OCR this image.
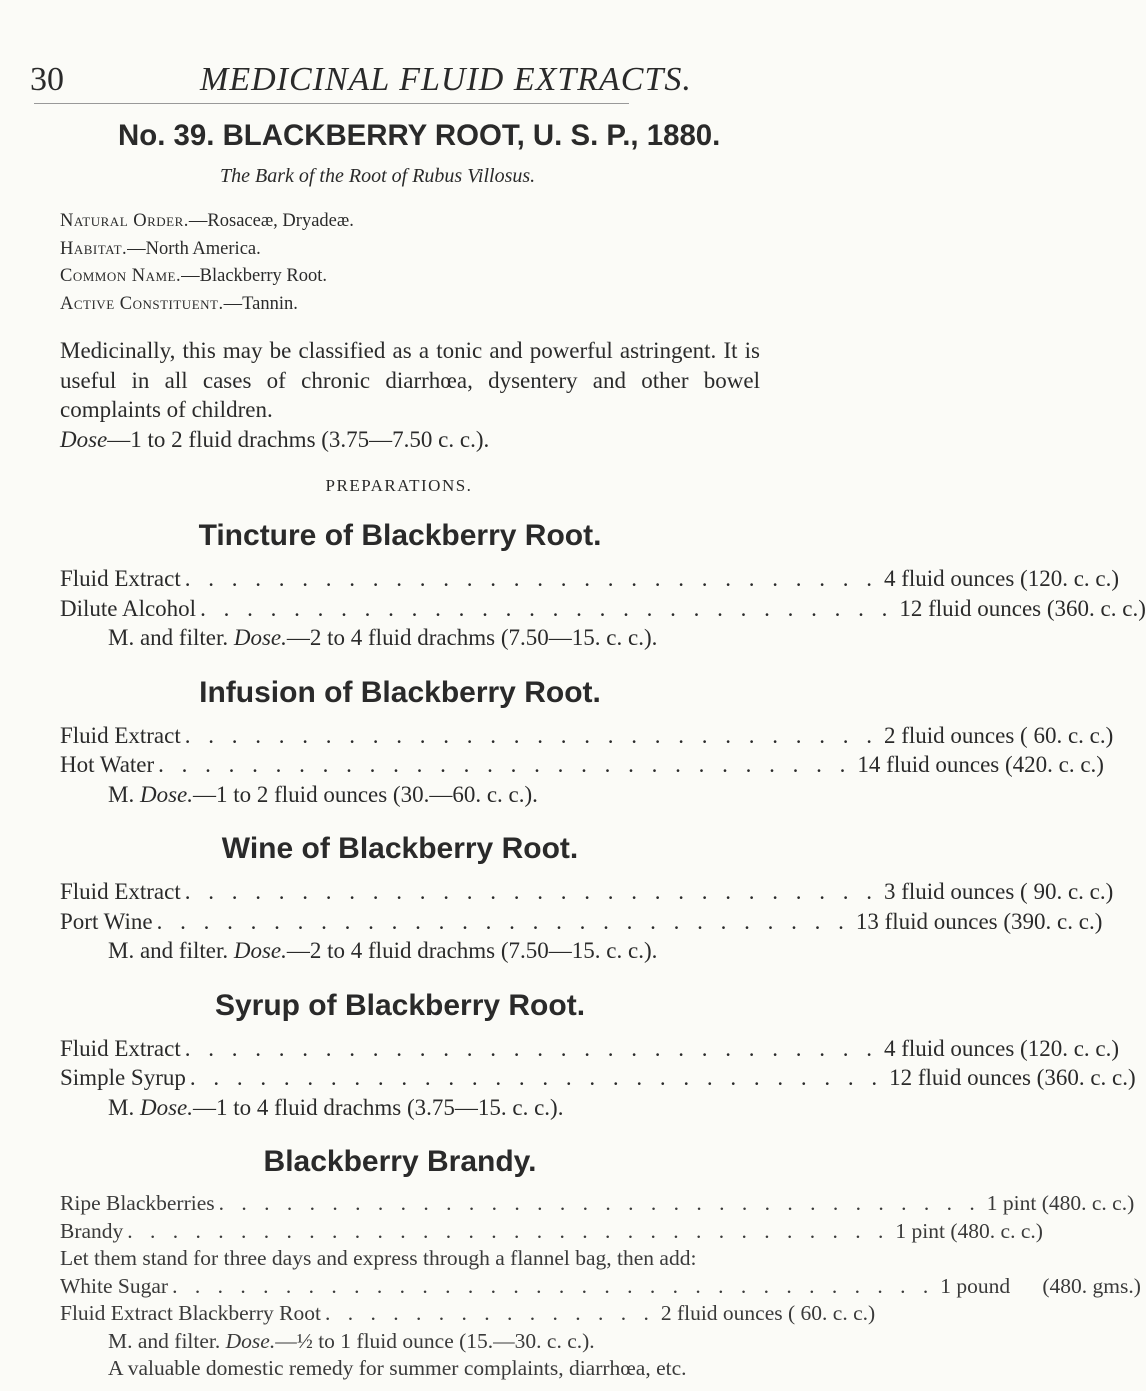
30	MEDICINAL FLUID EXTRACTS.
No. 39. BLACKBERRY ROOT, U. S. P., 1880.
The Bark of the Root of Rubus Villosus.
Natural Order.—Rosaceæ, Dryadeæ.
Habitat.—North America.
Common Name.—Blackberry Root.
Active Constituent.—Tannin.

Medicinally, this may be classified as a tonic and powerful astringent. It is useful in all cases of chronic diarrhœa, dysentery and other bowel complaints of children.

Dose—1 to 2 fluid drachms (3.75—7.50 c. c.).
PREPARATIONS.
Tincture of Blackberry Root.
Fluid Extract . . . . . . . . . . . . . . . . . . . . . . . . . . . . . . 4 fluid ounces (120. c. c.)
Dilute Alcohol . . . . . . . . . . . . . . . . . . . . . . . . . . . . . . 12 fluid ounces (360. c. c.)
M. and filter. Dose.—2 to 4 fluid drachms (7.50—15. c. c.).
Infusion of Blackberry Root.
Fluid Extract . . . . . . . . . . . . . . . . . . . . . . . . . . . . . . 2 fluid ounces ( 60. c. c.)
Hot Water . . . . . . . . . . . . . . . . . . . . . . . . . . . . . . 14 fluid ounces (420. c. c.)
M. Dose.—1 to 2 fluid ounces (30.—60. c. c.).
Wine of Blackberry Root.
Fluid Extract . . . . . . . . . . . . . . . . . . . . . . . . . . . . . . 3 fluid ounces ( 90. c. c.)
Port Wine . . . . . . . . . . . . . . . . . . . . . . . . . . . . . . 13 fluid ounces (390. c. c.)
M. and filter. Dose.—2 to 4 fluid drachms (7.50—15. c. c.).
Syrup of Blackberry Root.
Fluid Extract . . . . . . . . . . . . . . . . . . . . . . . . . . . . . . 4 fluid ounces (120. c. c.)
Simple Syrup . . . . . . . . . . . . . . . . . . . . . . . . . . . . . . 12 fluid ounces (360. c. c.)
M. Dose.—1 to 4 fluid drachms (3.75—15. c. c.).
Blackberry Brandy.
Ripe Blackberries . . . . . . . . . . . . . . . . . . . . . . . . . . . . . . . . . . 1 pint (480. c. c.)
Brandy . . . . . . . . . . . . . . . . . . . . . . . . . . . . . . . . . . 1 pint (480. c. c.)
Let them stand for three days and express through a flannel bag, then add:
White Sugar . . . . . . . . . . . . . . . . . . . . . . . . . . . . . . . . . . 1 pound      (480. gms.)
Fluid Extract Blackberry Root . . . . . . . . . . . . . . . 2 fluid ounces ( 60. c. c.)
M. and filter. Dose.—½ to 1 fluid ounce (15.—30. c. c.).
A valuable domestic remedy for summer complaints, diarrhœa, etc.
